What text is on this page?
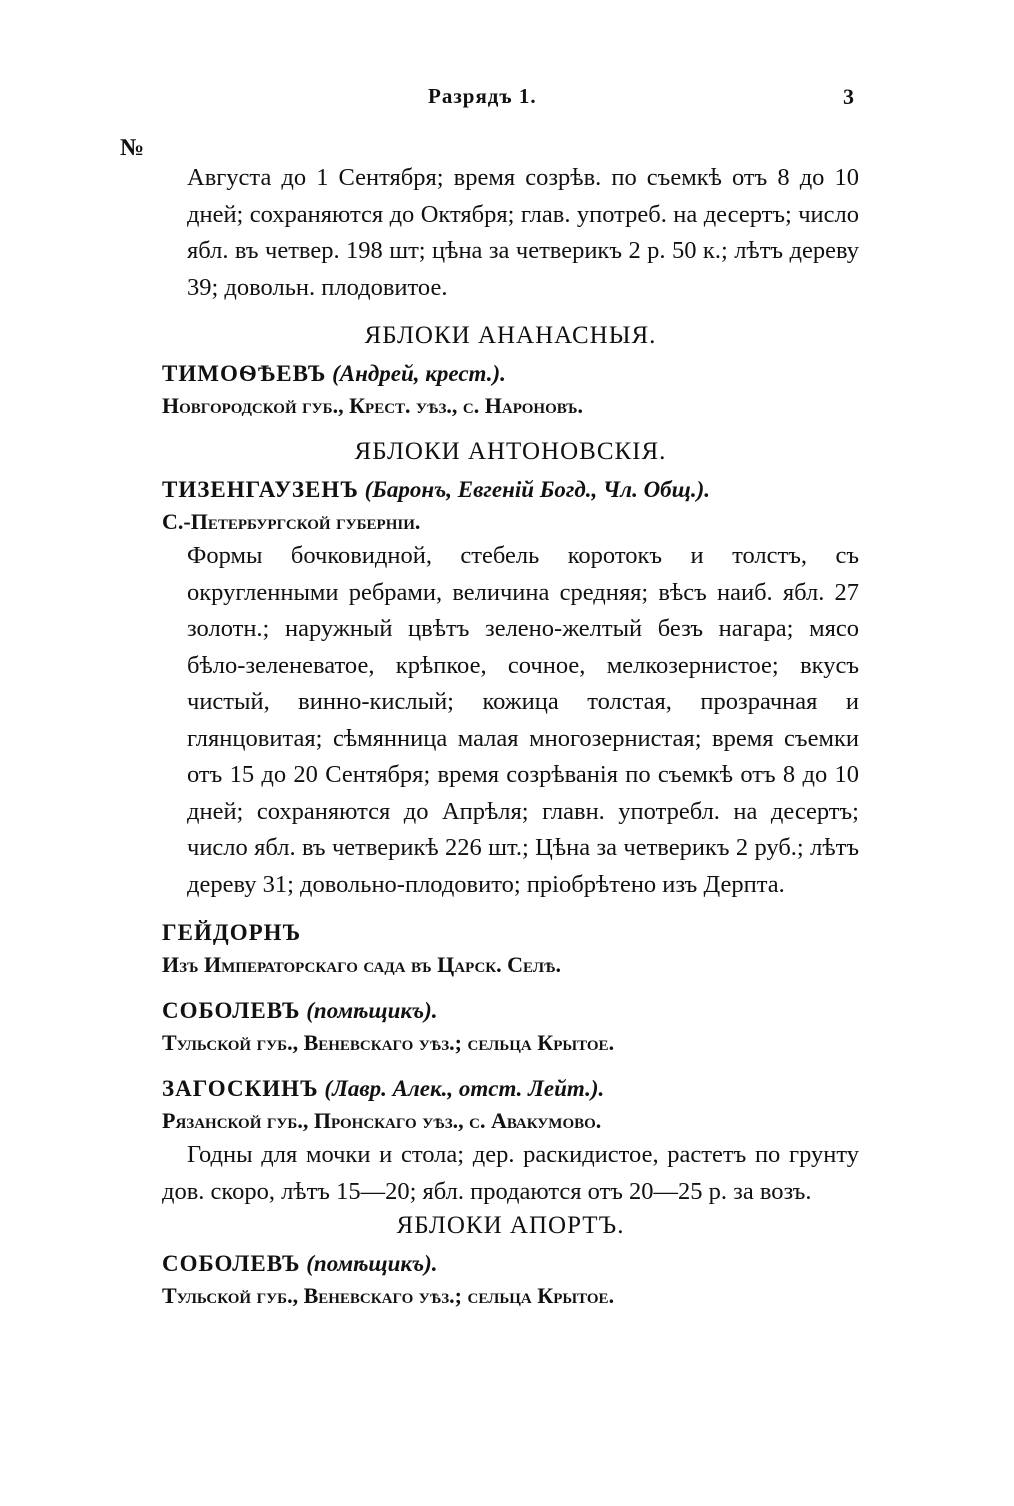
Разрядъ 1.	3
№

Августа до 1 Сентября; время созрѣв. по съемкѣ отъ 8 до 10 дней; сохраняются до Октября; глав. употреб. на десертъ; число ябл. въ четвер. 198 шт; цѣна за четверикъ 2 р. 50 к.; лѣтъ дереву 39; довольн. плодовитое.

ЯБЛОКИ АНАНАСНЫЯ.
ТИМОѲѢЕВЪ (Андрей, крест.).
Новгородской губ., Крест. уѣз., с. Нароновъ.
ЯБЛОКИ АНТОНОВСКІЯ.
ТИЗЕНГАУЗЕНЪ (Баронъ, Евгеній Богд., Чл. Общ.).
С.-Петербургской губерніи.

Формы бочковидной, стебель коротокъ и толстъ, съ округленными ребрами, величина средняя; вѣсъ наиб. ябл. 27 золотн.; наружный цвѣтъ зелено-желтый безъ нагара; мясо бѣло-зеленеватое, крѣпкое, сочное, мелкозернистое; вкусъ чистый, винно-кислый; кожица толстая, прозрачная и глянцовитая; сѣмянница малая многозернистая; время съемки отъ 15 до 20 Сентября; время созрѣванія по съемкѣ отъ 8 до 10 дней; сохраняются до Апрѣля; главн. употребл. на десертъ; число ябл. въ четверикѣ 226 шт.; Цѣна за четверикъ 2 руб.; лѣтъ дереву 31; довольно-плодовито; пріобрѣтено изъ Дерпта.

ГЕЙДОРНЪ
Изъ Императорскаго сада въ Царск. Селѣ.
СОБОЛЕВЪ (помѣщикъ).
Тульской губ., Веневскаго уѣз.; сельца Крытое.
ЗАГОСКИНЪ (Лавр. Алек., отст. Лейт.).
Рязанской губ., Пронскаго уѣз., с. Авакумово.

Годны для мочки и стола; дер. раскидистое, растетъ по грунту дов. скоро, лѣтъ 15—20; ябл. продаются отъ 20—25 р. за возъ.

ЯБЛОКИ АПОРТЪ.
СОБОЛЕВЪ (помѣщикъ).
Тульской губ., Веневскаго уѣз.; сельца Крытое.
